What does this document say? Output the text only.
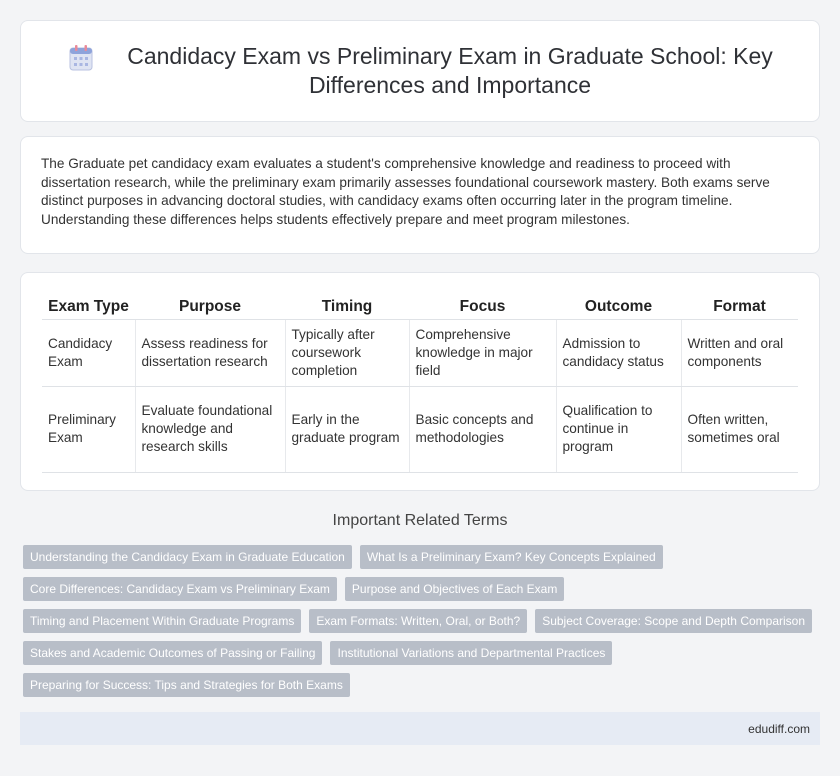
Candidacy Exam vs Preliminary Exam in Graduate School: Key Differences and Importance

The Graduate pet candidacy exam evaluates a student's comprehensive knowledge and readiness to proceed with dissertation research, while the preliminary exam primarily assesses foundational coursework mastery. Both exams serve distinct purposes in advancing doctoral studies, with candidacy exams often occurring later in the program timeline. Understanding these differences helps students effectively prepare and meet program milestones.

Exam Type	Purpose	Timing	Focus	Outcome	Format
Candidacy Exam	Assess readiness for dissertation research	Typically after coursework completion	Comprehensive knowledge in major field	Admission to candidacy status	Written and oral components
Preliminary Exam	Evaluate foundational knowledge and research skills	Early in the graduate program	Basic concepts and methodologies	Qualification to continue in program	Often written, sometimes oral
Important Related Terms
Understanding the Candidacy Exam in Graduate Education	What Is a Preliminary Exam? Key Concepts Explained
Core Differences: Candidacy Exam vs Preliminary Exam	Purpose and Objectives of Each Exam
Timing and Placement Within Graduate Programs	Exam Formats: Written, Oral, or Both?	Subject Coverage: Scope and Depth Comparison
Stakes and Academic Outcomes of Passing or Failing	Institutional Variations and Departmental Practices
Preparing for Success: Tips and Strategies for Both Exams
edudiff.com
